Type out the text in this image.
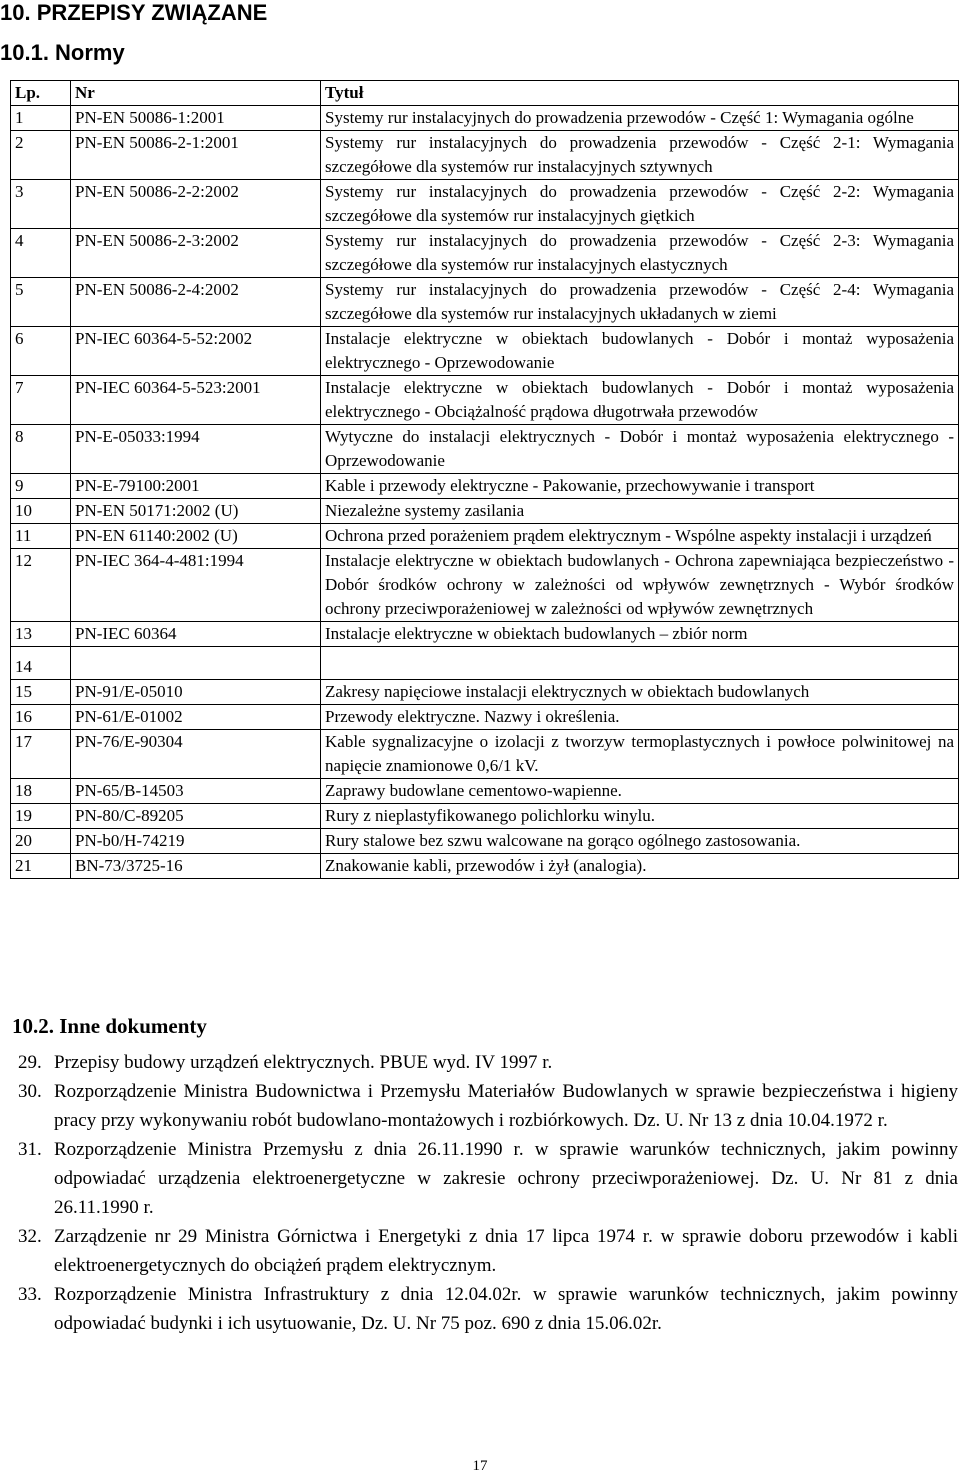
10. PRZEPISY ZWIĄZANE
10.1. Normy
Lp.	Nr	Tytuł
1	PN-EN 50086-1:2001	Systemy rur instalacyjnych do prowadzenia przewodów - Część 1: Wymagania ogólne
2	PN-EN 50086-2-1:2001	Systemy rur instalacyjnych do prowadzenia przewodów - Część 2-1: Wymagania szczegółowe dla systemów rur instalacyjnych sztywnych
3	PN-EN 50086-2-2:2002	Systemy rur instalacyjnych do prowadzenia przewodów - Część 2-2: Wymagania szczegółowe dla systemów rur instalacyjnych giętkich
4	PN-EN 50086-2-3:2002	Systemy rur instalacyjnych do prowadzenia przewodów - Część 2-3: Wymagania szczegółowe dla systemów rur instalacyjnych elastycznych
5	PN-EN 50086-2-4:2002	Systemy rur instalacyjnych do prowadzenia przewodów - Część 2-4: Wymagania szczegółowe dla systemów rur instalacyjnych układanych w ziemi
6	PN-IEC 60364-5-52:2002	Instalacje elektryczne w obiektach budowlanych - Dobór i montaż wyposażenia elektrycznego - Oprzewodowanie
7	PN-IEC 60364-5-523:2001	Instalacje elektryczne w obiektach budowlanych - Dobór i montaż wyposażenia elektrycznego - Obciążalność prądowa długotrwała przewodów
8	PN-E-05033:1994	Wytyczne do instalacji elektrycznych - Dobór i montaż wyposażenia elektrycznego - Oprzewodowanie
9	PN-E-79100:2001	Kable i przewody elektryczne - Pakowanie, przechowywanie i transport
10	PN-EN 50171:2002 (U)	Niezależne systemy zasilania
11	PN-EN 61140:2002 (U)	Ochrona przed porażeniem prądem elektrycznym - Wspólne aspekty instalacji i urządzeń
12	PN-IEC 364-4-481:1994	Instalacje elektryczne w obiektach budowlanych - Ochrona zapewniająca bezpieczeństwo - Dobór środków ochrony w zależności od wpływów zewnętrznych - Wybór środków ochrony przeciwporażeniowej w zależności od wpływów zewnętrznych
13	PN-IEC 60364	Instalacje elektryczne w obiektach budowlanych – zbiór norm
14		
15	PN-91/E-05010	Zakresy napięciowe instalacji elektrycznych w obiektach budowlanych
16	PN-61/E-01002	Przewody elektryczne. Nazwy i określenia.
17	PN-76/E-90304	Kable sygnalizacyjne o izolacji z tworzyw termoplastycznych i powłoce polwinitowej na napięcie znamionowe 0,6/1 kV.
18	PN-65/B-14503	Zaprawy budowlane cementowo-wapienne.
19	PN-80/C-89205	Rury z nieplastyfikowanego polichlorku winylu.
20	PN-b0/H-74219	Rury stalowe bez szwu walcowane na gorąco ogólnego zastosowania.
21	BN-73/3725-16	Znakowanie kabli, przewodów i żył (analogia).
10.2. Inne dokumenty
29. Przepisy budowy urządzeń elektrycznych. PBUE wyd. IV 1997 r.
30. Rozporządzenie Ministra Budownictwa i Przemysłu Materiałów Budowlanych w sprawie bezpieczeństwa i higieny pracy przy wykonywaniu robót budowlano-montażowych i rozbiórkowych. Dz. U. Nr 13 z dnia 10.04.1972 r.
31. Rozporządzenie Ministra Przemysłu z dnia 26.11.1990 r. w sprawie warunków technicznych, jakim powinny odpowiadać urządzenia elektroenergetyczne w zakresie ochrony przeciwporażeniowej. Dz. U. Nr 81 z dnia 26.11.1990 r.
32. Zarządzenie nr 29 Ministra Górnictwa i Energetyki z dnia 17 lipca 1974 r. w sprawie doboru przewodów i kabli elektroenergetycznych do obciążeń prądem elektrycznym.
33. Rozporządzenie Ministra Infrastruktury z dnia 12.04.02r. w sprawie warunków technicznych, jakim powinny odpowiadać budynki i ich usytuowanie, Dz. U. Nr 75 poz. 690 z dnia 15.06.02r.
17
